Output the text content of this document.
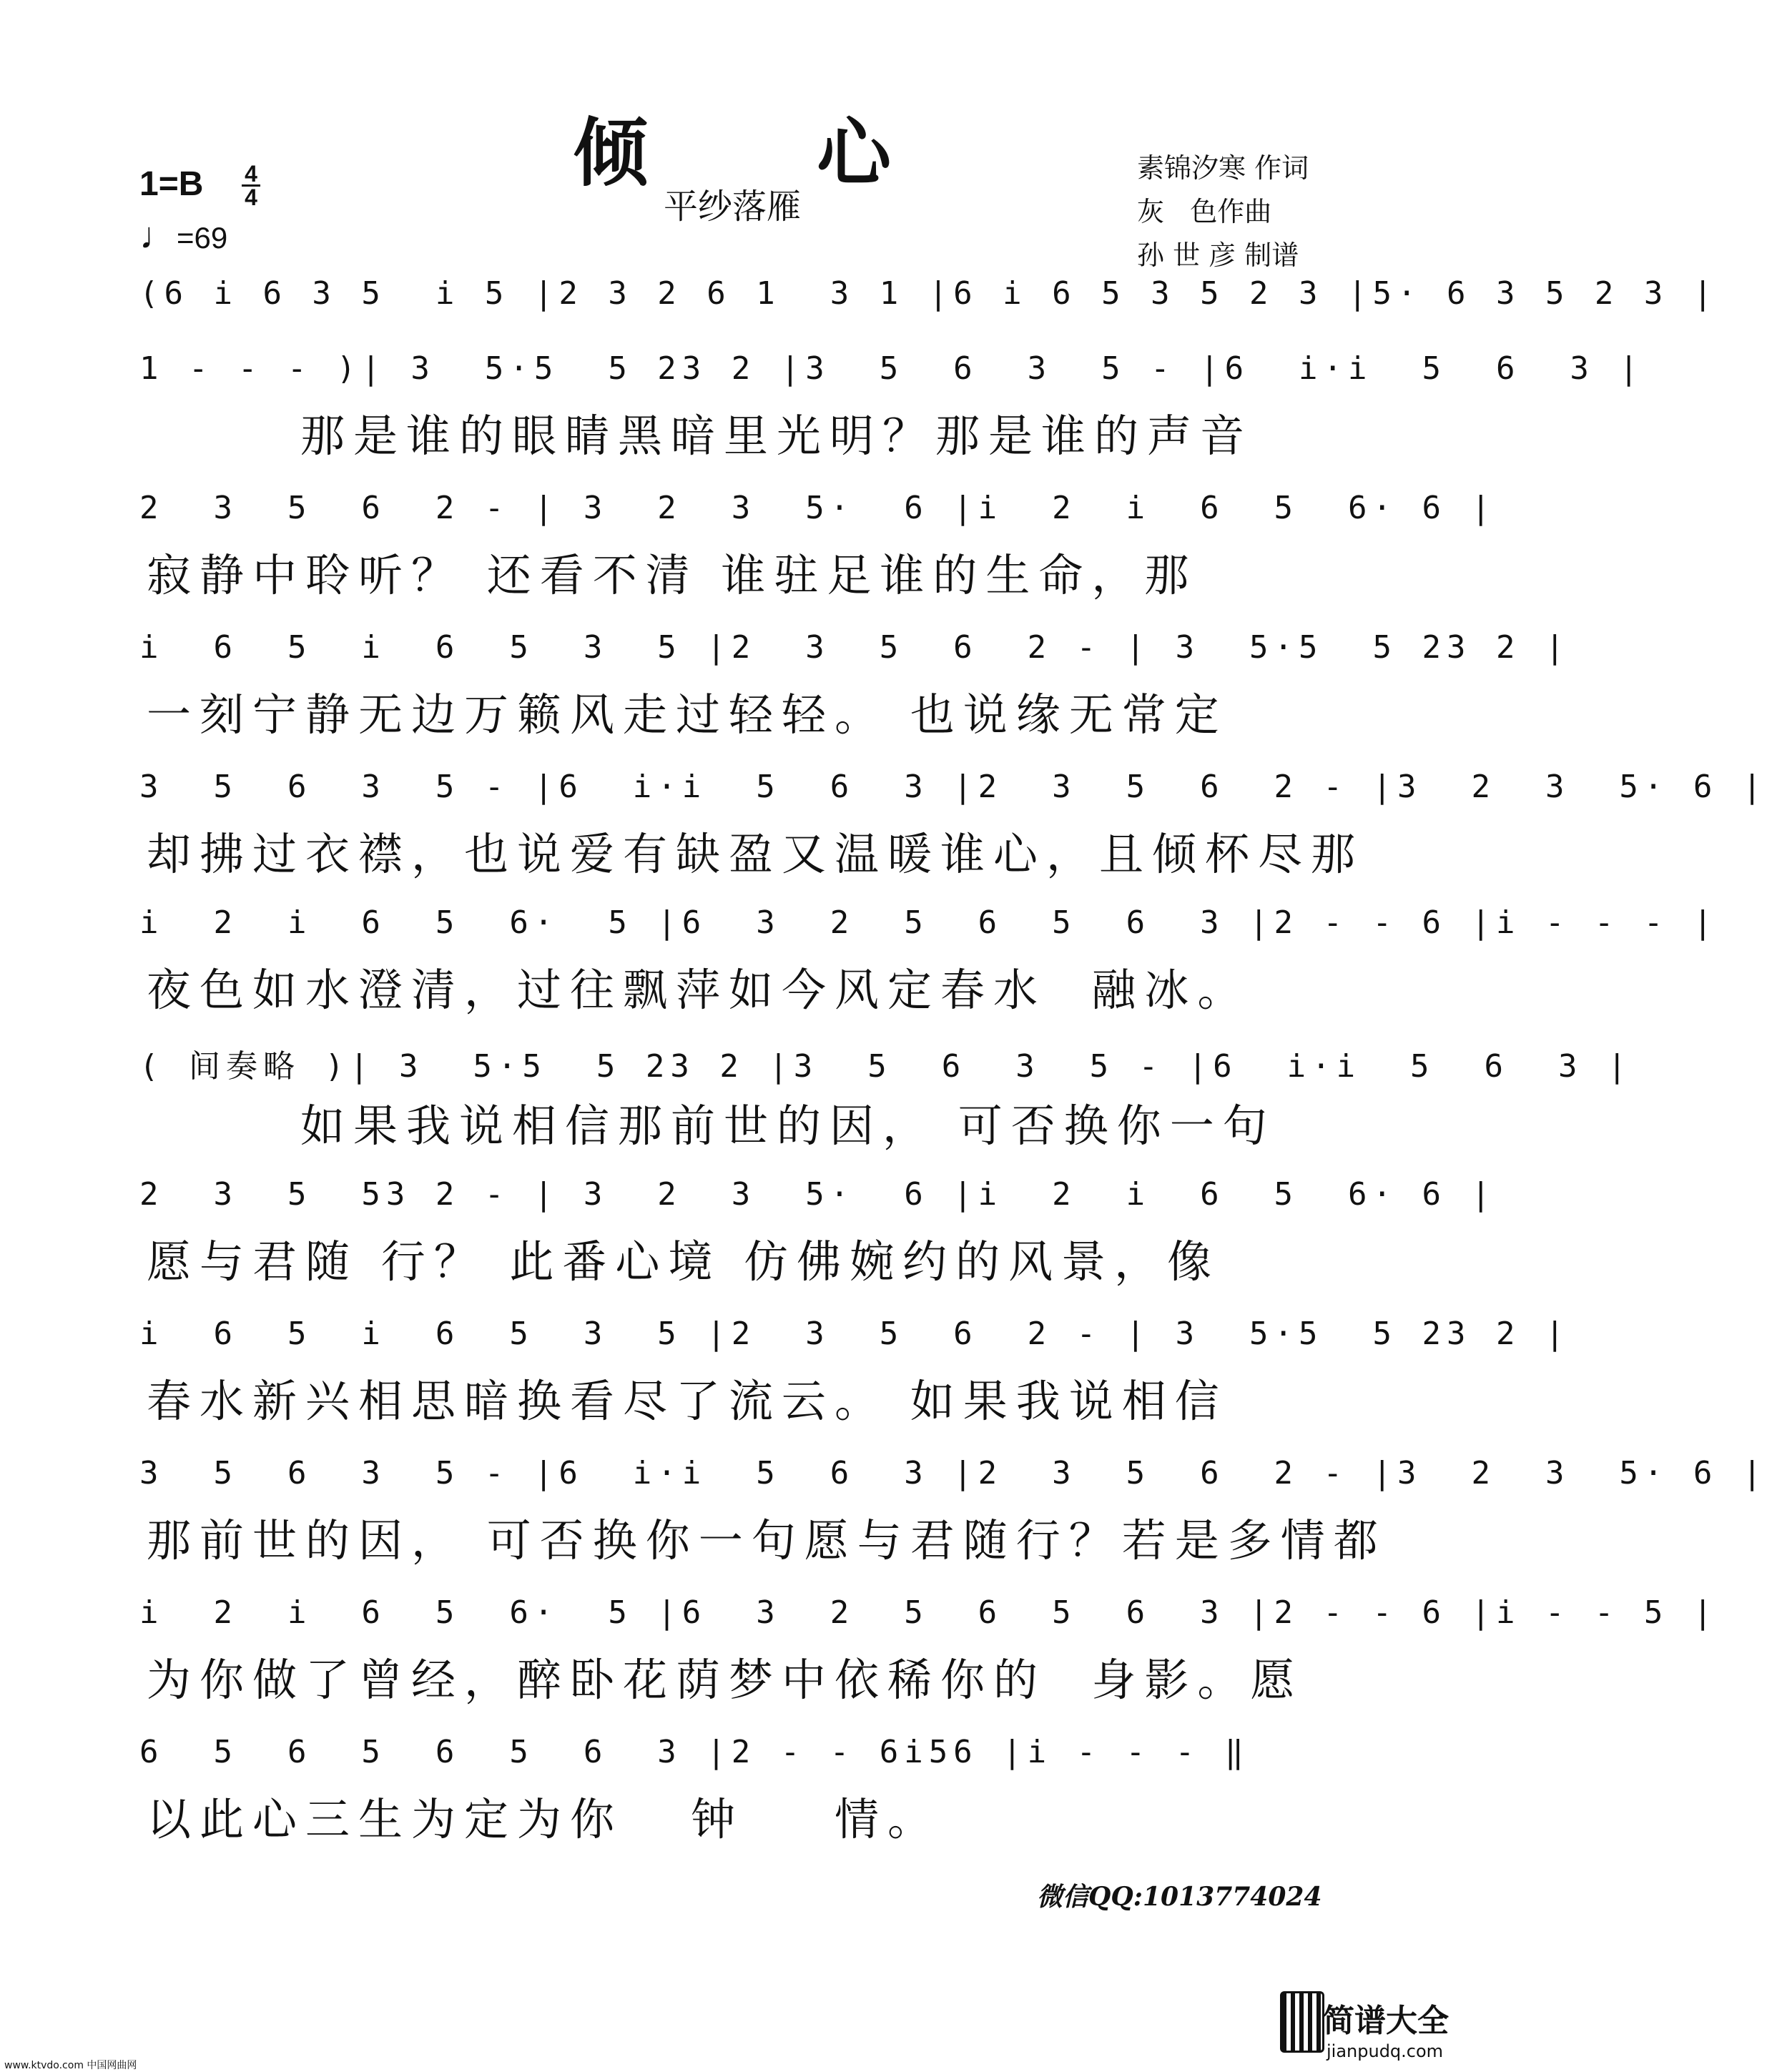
倾 心
平纱落雁
1=B 4
4
♩=69
素锦汐寒 作词
灰   色作曲
孙 世 彦 制谱
(6 i 6 3 5  i 5 |2 3 2 6 1  3 1 |6 i 6 5 3 5 2 3 |5· 6 3 5 2 3 |
1 - - - )| 3  5·5  5 23 2 |3  5  6  3  5 - |6  i·i  5  6  3 |
那是谁的眼睛黑暗里光明？那是谁的声音
2  3  5  6  2 - | 3  2  3  5·  6 |i  2  i  6  5  6· 6 |
寂静中聆听？ 还看不清 谁驻足谁的生命，那
i  6  5  i  6  5  3  5 |2  3  5  6  2 - | 3  5·5  5 23 2 |
一刻宁静无边万籁风走过轻轻。 也说缘无常定
3  5  6  3  5 - |6  i·i  5  6  3 |2  3  5  6  2 - |3  2  3  5· 6 |
却拂过衣襟，也说爱有缺盈又温暖谁心，且倾杯尽那
i  2  i  6  5  6·  5 |6  3  2  5  6  5  6  3 |2 - - 6 |i - - - |
夜色如水澄清，过往飘萍如今风定春水  融冰。
( 间奏略 )| 3  5·5  5 23 2 |3  5  6  3  5 - |6  i·i  5  6  3 |
如果我说相信那前世的因， 可否换你一句
2  3  5  53 2 - | 3  2  3  5·  6 |i  2  i  6  5  6· 6 |
愿与君随 行？ 此番心境 仿佛婉约的风景，像
i  6  5  i  6  5  3  5 |2  3  5  6  2 - | 3  5·5  5 23 2 |
春水新兴相思暗换看尽了流云。 如果我说相信
3  5  6  3  5 - |6  i·i  5  6  3 |2  3  5  6  2 - |3  2  3  5· 6 |
那前世的因， 可否换你一句愿与君随行？若是多情都
i  2  i  6  5  6·  5 |6  3  2  5  6  5  6  3 |2 - - 6 |i - - 5 |
为你做了曾经，醉卧花荫梦中依稀你的  身影。愿
6  5  6  5  6  5  6  3 |2 - - 6i56 |i - - - ‖
以此心三生为定为你   钟    情。
微信QQ:1013774024
简谱大全
jianpudq.com
www.ktvdo.com 中国网曲网
